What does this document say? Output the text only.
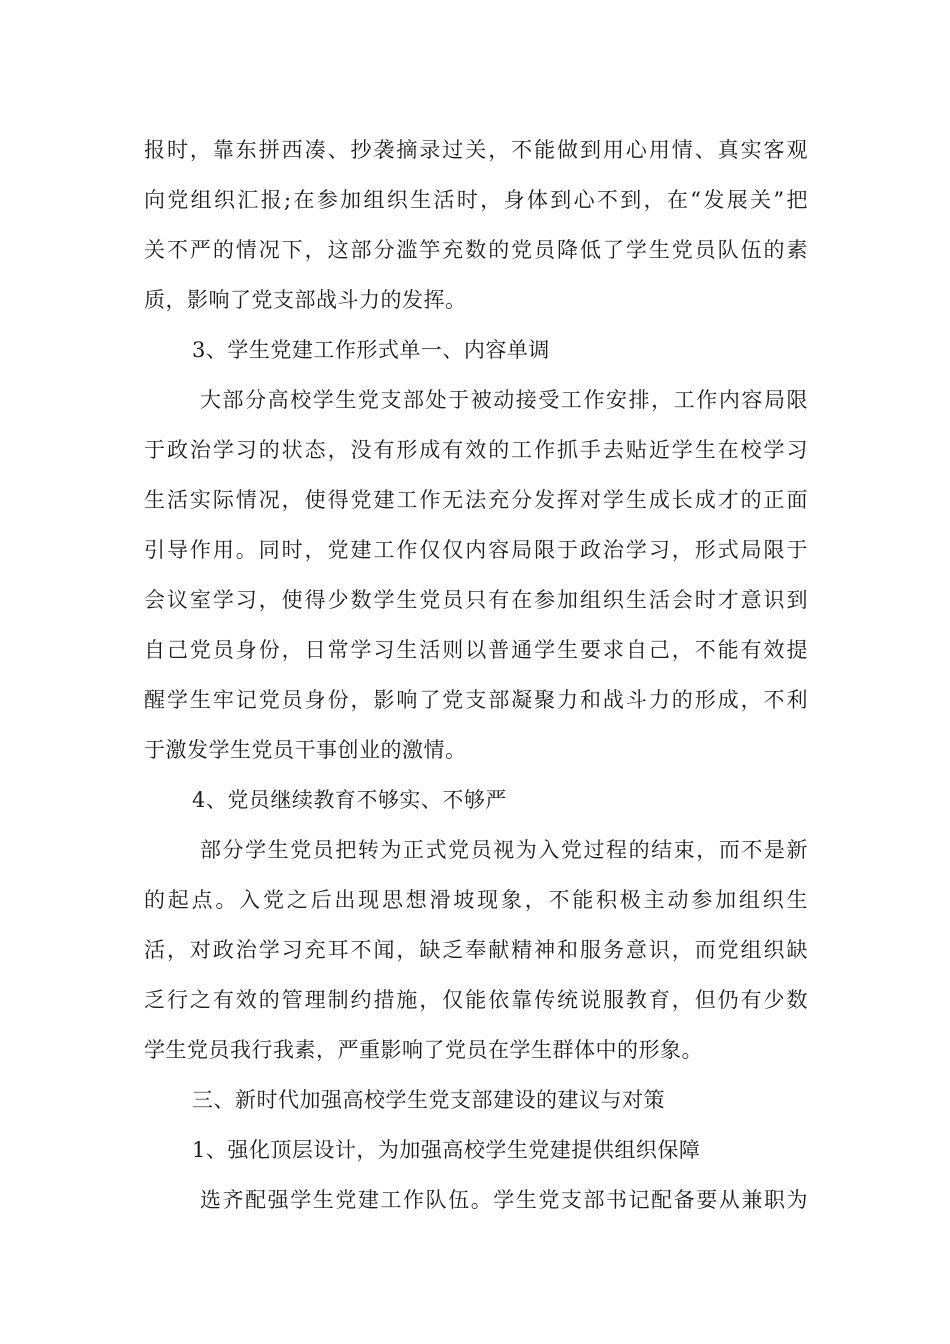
报时，靠东拼西凑、抄袭摘录过关，不能做到用心用情、真实客观
向党组织汇报;在参加组织生活时，身体到心不到，在“发展关”把
关不严的情况下，这部分滥竽充数的党员降低了学生党员队伍的素
质，影响了党支部战斗力的发挥。
3、学生党建工作形式单一、内容单调
大部分高校学生党支部处于被动接受工作安排，工作内容局限
于政治学习的状态，没有形成有效的工作抓手去贴近学生在校学习
生活实际情况，使得党建工作无法充分发挥对学生成长成才的正面
引导作用。同时，党建工作仅仅内容局限于政治学习，形式局限于
会议室学习，使得少数学生党员只有在参加组织生活会时才意识到
自己党员身份，日常学习生活则以普通学生要求自己，不能有效提
醒学生牢记党员身份，影响了党支部凝聚力和战斗力的形成，不利
于激发学生党员干事创业的激情。
4、党员继续教育不够实、不够严
部分学生党员把转为正式党员视为入党过程的结束，而不是新
的起点。入党之后出现思想滑坡现象，不能积极主动参加组织生
活，对政治学习充耳不闻，缺乏奉献精神和服务意识，而党组织缺
乏行之有效的管理制约措施，仅能依靠传统说服教育，但仍有少数
学生党员我行我素，严重影响了党员在学生群体中的形象。
三、新时代加强高校学生党支部建设的建议与对策
1、强化顶层设计，为加强高校学生党建提供组织保障
选齐配强学生党建工作队伍。学生党支部书记配备要从兼职为
